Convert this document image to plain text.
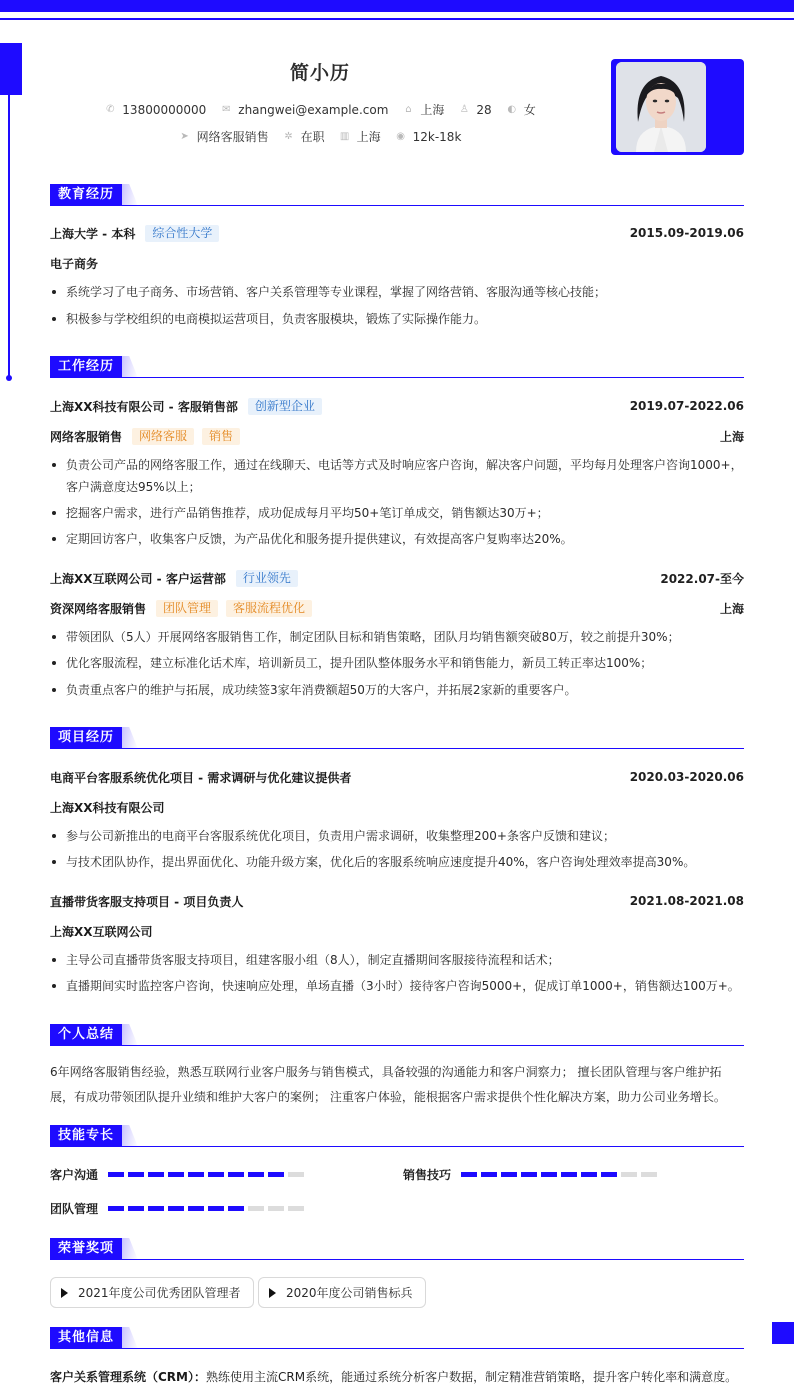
简小历
✆ 13800000000 ✉ zhangwei@example.com ⌂ 上海 ♙ 28 ◐ 女
➤ 网络客服销售 ✲ 在职 ▥ 上海 ◉ 12k-18k
教育经历
上海大学 - 本科	综合性大学	2015.09-2019.06
电子商务
系统学习了电子商务、市场营销、客户关系管理等专业课程，掌握了网络营销、客服沟通等核心技能；
积极参与学校组织的电商模拟运营项目，负责客服模块，锻炼了实际操作能力。
工作经历
上海XX科技有限公司 - 客服销售部	创新型企业	2019.07-2022.06
网络客服销售	网络客服	销售	上海
负责公司产品的网络客服工作，通过在线聊天、电话等方式及时响应客户咨询，解决客户问题，平均每月处理客户咨询1000+，客户满意度达95%以上；
挖掘客户需求，进行产品销售推荐，成功促成每月平均50+笔订单成交，销售额达30万+；
定期回访客户，收集客户反馈，为产品优化和服务提升提供建议，有效提高客户复购率达20%。
上海XX互联网公司 - 客户运营部	行业领先	2022.07-至今
资深网络客服销售	团队管理	客服流程优化	上海
带领团队（5人）开展网络客服销售工作，制定团队目标和销售策略，团队月均销售额突破80万，较之前提升30%；
优化客服流程，建立标准化话术库，培训新员工，提升团队整体服务水平和销售能力，新员工转正率达100%；
负责重点客户的维护与拓展，成功续签3家年消费额超50万的大客户，并拓展2家新的重要客户。
项目经历
电商平台客服系统优化项目 - 需求调研与优化建议提供者	2020.03-2020.06
上海XX科技有限公司
参与公司新推出的电商平台客服系统优化项目，负责用户需求调研，收集整理200+条客户反馈和建议；
与技术团队协作，提出界面优化、功能升级方案，优化后的客服系统响应速度提升40%，客户咨询处理效率提高30%。
直播带货客服支持项目 - 项目负责人	2021.08-2021.08
上海XX互联网公司
主导公司直播带货客服支持项目，组建客服小组（8人），制定直播期间客服接待流程和话术；
直播期间实时监控客户咨询，快速响应处理，单场直播（3小时）接待客户咨询5000+，促成订单1000+，销售额达100万+。
个人总结
6年网络客服销售经验，熟悉互联网行业客户服务与销售模式，具备较强的沟通能力和客户洞察力； 擅长团队管理与客户维护拓展，有成功带领团队提升业绩和维护大客户的案例； 注重客户体验，能根据客户需求提供个性化解决方案，助力公司业务增长。
技能专长
客户沟通	销售技巧
团队管理
荣誉奖项
2021年度公司优秀团队管理者	2020年度公司销售标兵
其他信息
客户关系管理系统（CRM）： 熟练使用主流CRM系统，能通过系统分析客户数据，制定精准营销策略，提升客户转化率和满意度。
